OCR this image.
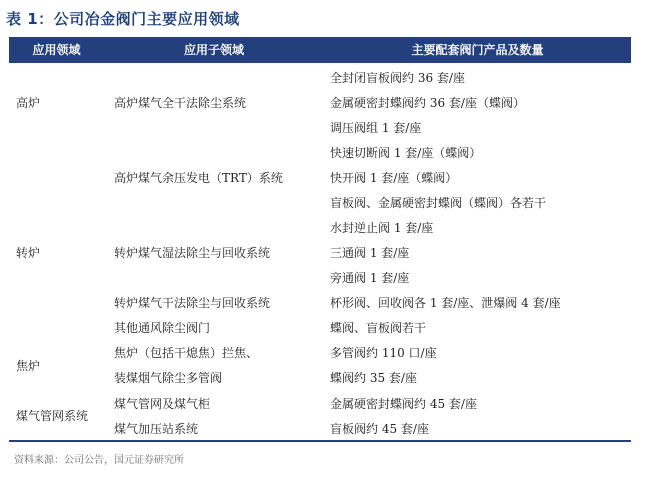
表 1：公司冶金阀门主要应用领域
应用领域	应用子领域	主要配套阀门产品及数量
高炉
转炉
焦炉
煤气管网系统
高炉煤气全干法除尘系统
高炉煤气余压发电（TRT）系统
转炉煤气湿法除尘与回收系统
转炉煤气干法除尘与回收系统
其他通风除尘阀门
焦炉（包括干熄焦）拦焦、
装煤烟气除尘多管阀
煤气管网及煤气柜
煤气加压站系统
全封闭盲板阀约 36 套/座
金属硬密封蝶阀约 36 套/座（蝶阀）
调压阀组 1 套/座
快速切断阀 1 套/座（蝶阀）
快开阀 1 套/座（蝶阀）
盲板阀、金属硬密封蝶阀（蝶阀）各若干
水封逆止阀 1 套/座
三通阀 1 套/座
旁通阀 1 套/座
杯形阀、回收阀各 1 套/座、泄爆阀 4 套/座
蝶阀、盲板阀若干
多管阀约 110 口/座
蝶阀约 35 套/座
金属硬密封蝶阀约 45 套/座
盲板阀约 45 套/座
资料来源：公司公告，国元证券研究所
